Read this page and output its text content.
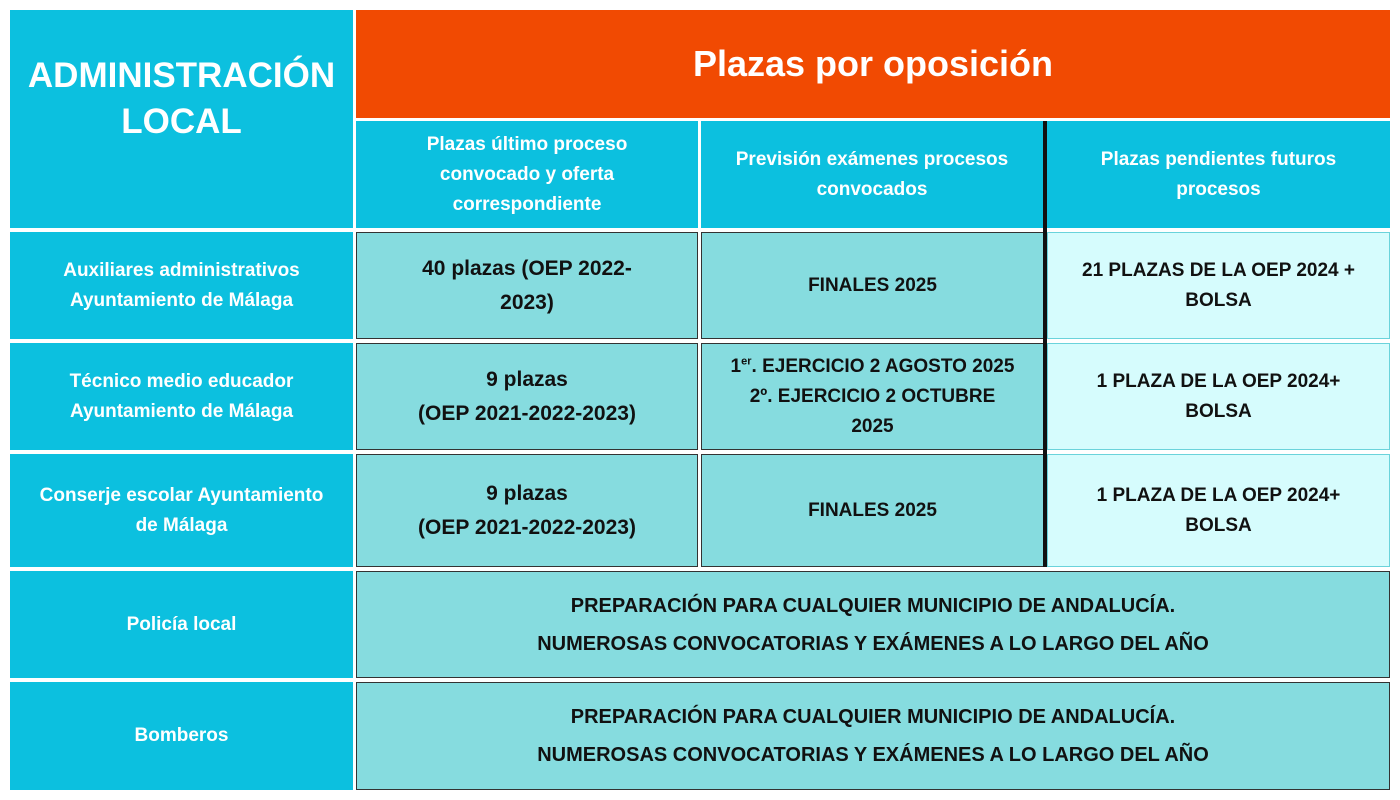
ADMINISTRACIÓN
LOCAL
Plazas por oposición
Plazas último proceso
convocado y oferta
correspondiente
Previsión exámenes procesos
convocados
Plazas pendientes futuros
procesos
Auxiliares administrativos
Ayuntamiento de Málaga
40 plazas (OEP 2022-
2023)
FINALES 2025
21 PLAZAS DE LA OEP 2024 +
BOLSA
Técnico medio educador
Ayuntamiento de Málaga
9 plazas
(OEP 2021-2022-2023)
1er. EJERCICIO 2 AGOSTO 2025
2º. EJERCICIO 2 OCTUBRE
2025
1 PLAZA DE LA OEP 2024+
BOLSA
Conserje escolar Ayuntamiento
de Málaga
9 plazas
(OEP 2021-2022-2023)
FINALES 2025
1 PLAZA DE LA OEP 2024+
BOLSA
Policía local
PREPARACIÓN PARA CUALQUIER MUNICIPIO DE ANDALUCÍA.
NUMEROSAS CONVOCATORIAS Y EXÁMENES A LO LARGO DEL AÑO
Bomberos
PREPARACIÓN PARA CUALQUIER MUNICIPIO DE ANDALUCÍA.
NUMEROSAS CONVOCATORIAS Y EXÁMENES A LO LARGO DEL AÑO
